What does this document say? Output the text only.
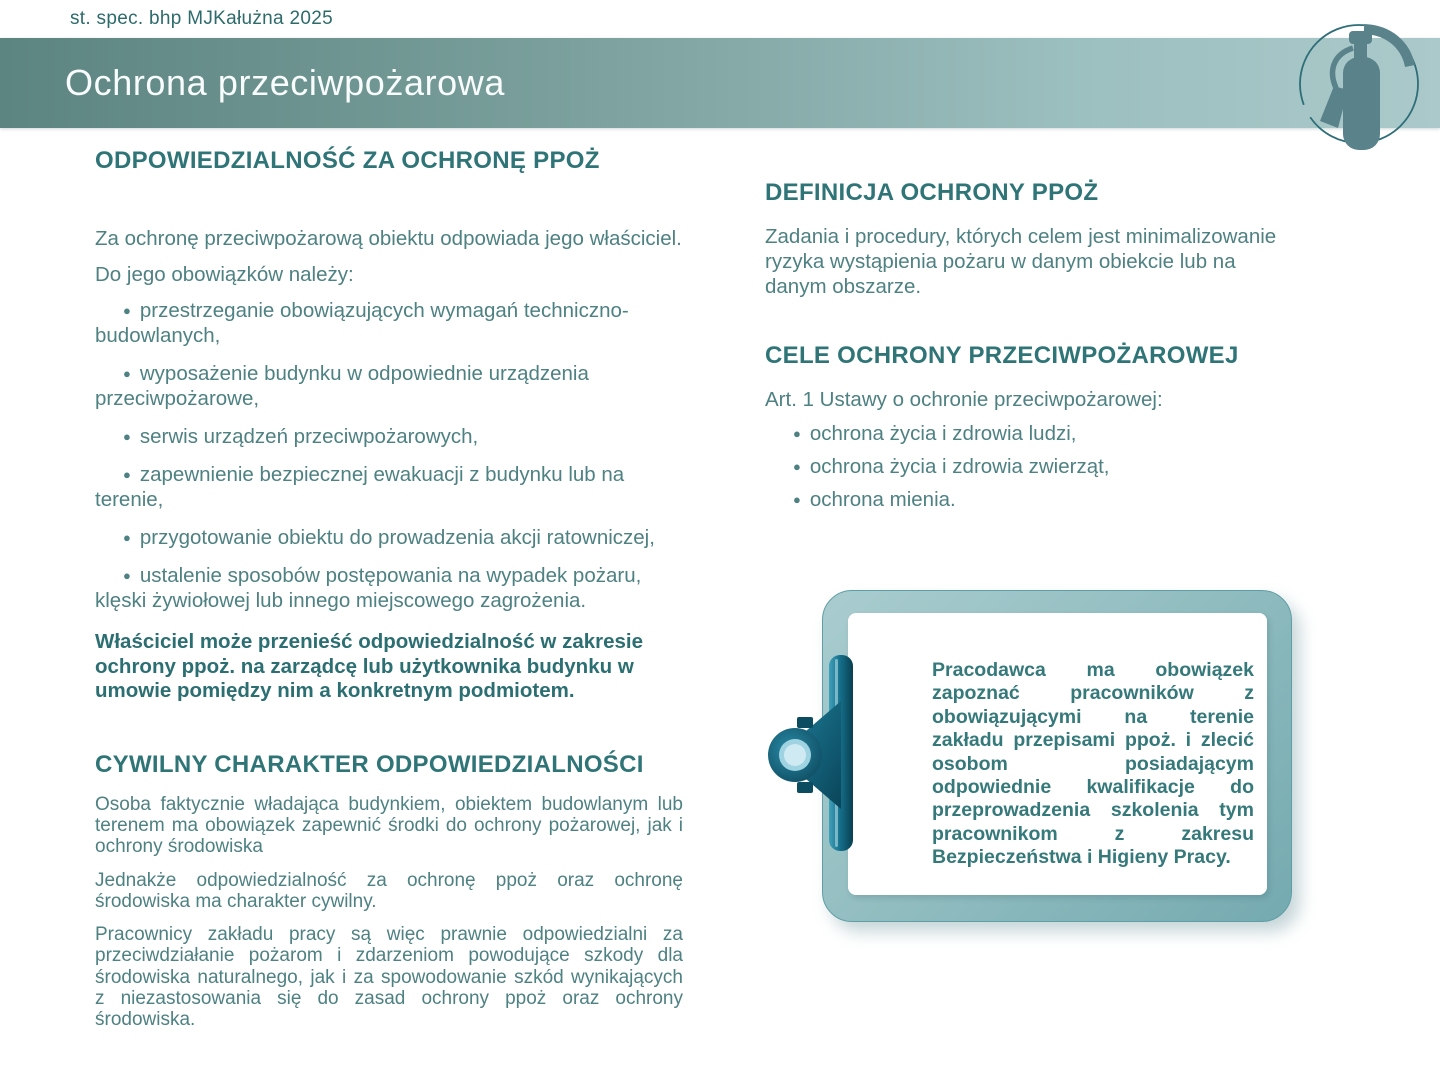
st. spec. bhp MJKałużna 2025
Ochrona przeciwpożarowa
ODPOWIEDZIALNOŚĆ ZA OCHRONĘ PPOŻ

Za ochronę przeciwpożarową obiektu odpowiada jego właściciel.

Do jego obowiązków należy:

● przestrzeganie obowiązujących wymagań techniczno-budowlanych,

● wyposażenie budynku w odpowiednie urządzenia przeciwpożarowe,

● serwis urządzeń przeciwpożarowych,

● zapewnienie bezpiecznej ewakuacji z budynku lub na terenie,

● przygotowanie obiektu do prowadzenia akcji ratowniczej,

● ustalenie sposobów postępowania na wypadek pożaru, klęski żywiołowej lub innego miejscowego zagrożenia.

Właściciel może przenieść odpowiedzialność w zakresie ochrony ppoż. na zarządcę lub użytkownika budynku w umowie pomiędzy nim a konkretnym podmiotem.

CYWILNY CHARAKTER ODPOWIEDZIALNOŚCI

Osoba faktycznie władająca budynkiem, obiektem budowlanym lub terenem ma obowiązek zapewnić środki do ochrony pożarowej, jak i ochrony środowiska

Jednakże odpowiedzialność za ochronę ppoż oraz ochronę środowiska ma charakter cywilny.

Pracownicy zakładu pracy są więc prawnie odpowiedzialni za przeciwdziałanie pożarom i zdarzeniom powodujące szkody dla środowiska naturalnego, jak i za spowodowanie szkód wynikających z niezastosowania się do zasad ochrony ppoż oraz ochrony środowiska.

DEFINICJA OCHRONY PPOŻ

Zadania i procedury, których celem jest minimalizowanie ryzyka wystąpienia pożaru w danym obiekcie lub na danym obszarze.

CELE OCHRONY PRZECIWPOŻAROWEJ

Art. 1 Ustawy o ochronie przeciwpożarowej:

● ochrona życia i zdrowia ludzi,

● ochrona życia i zdrowia zwierząt,

● ochrona mienia.

Pracodawca ma obowiązek zapoznać pracowników z obowiązującymi na terenie zakładu przepisami ppoż. i zlecić osobom posiadającym odpowiednie kwalifikacje do przeprowadzenia szkolenia tym pracownikom z zakresu Bezpieczeństwa i Higieny Pracy.
